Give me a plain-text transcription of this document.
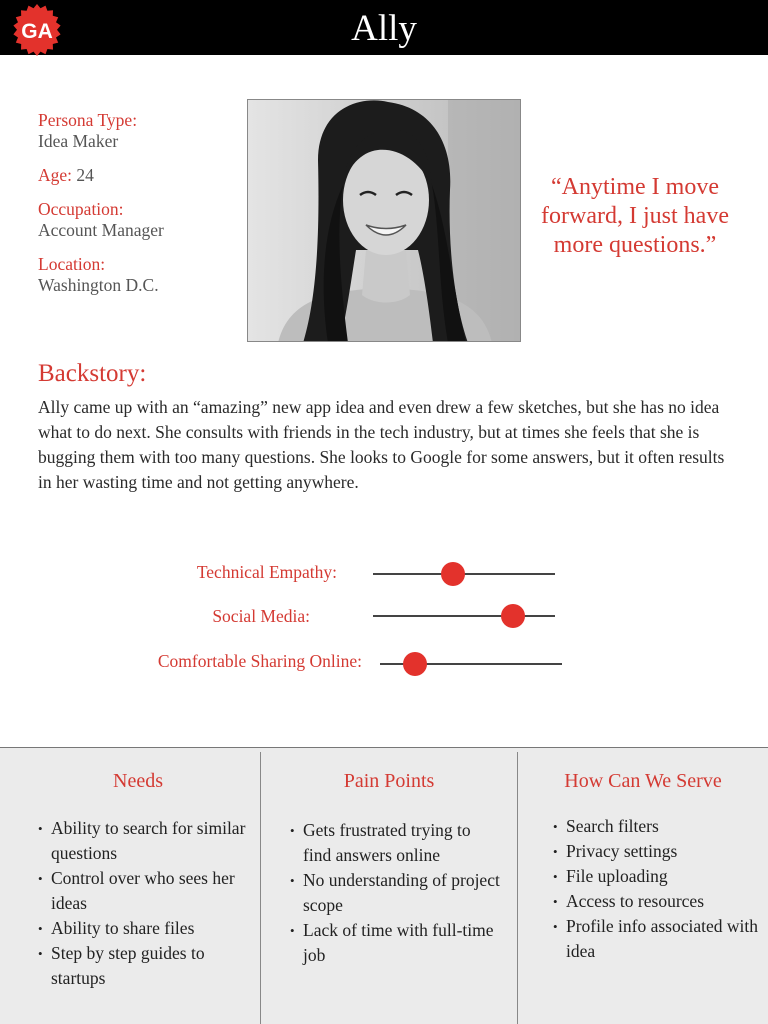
GA	Ally
Persona Type:
Idea Maker
Age: 24
Occupation:
Account Manager
Location:
Washington D.C.
“Anytime I move forward, I just have more questions.”
Backstory:
Ally came up with an “amazing” new app idea and even drew a few sketches, but she has no idea what to do next. She consults with friends in the tech industry, but at times she feels that she is bugging them with too many questions. She looks to Google for some answers, but it often results in her wasting time and not getting anywhere.
Technical Empathy:
Social Media:
Comfortable Sharing Online:
Needs
• Ability to search for similar questions
• Control over who sees her ideas
• Ability to share files
• Step by step guides to startups
Pain Points
• Gets frustrated trying to find answers online
• No understanding of project scope
• Lack of time with full-time job
How Can We Serve
• Search filters
• Privacy settings
• File uploading
• Access to resources
• Profile info associated with idea
